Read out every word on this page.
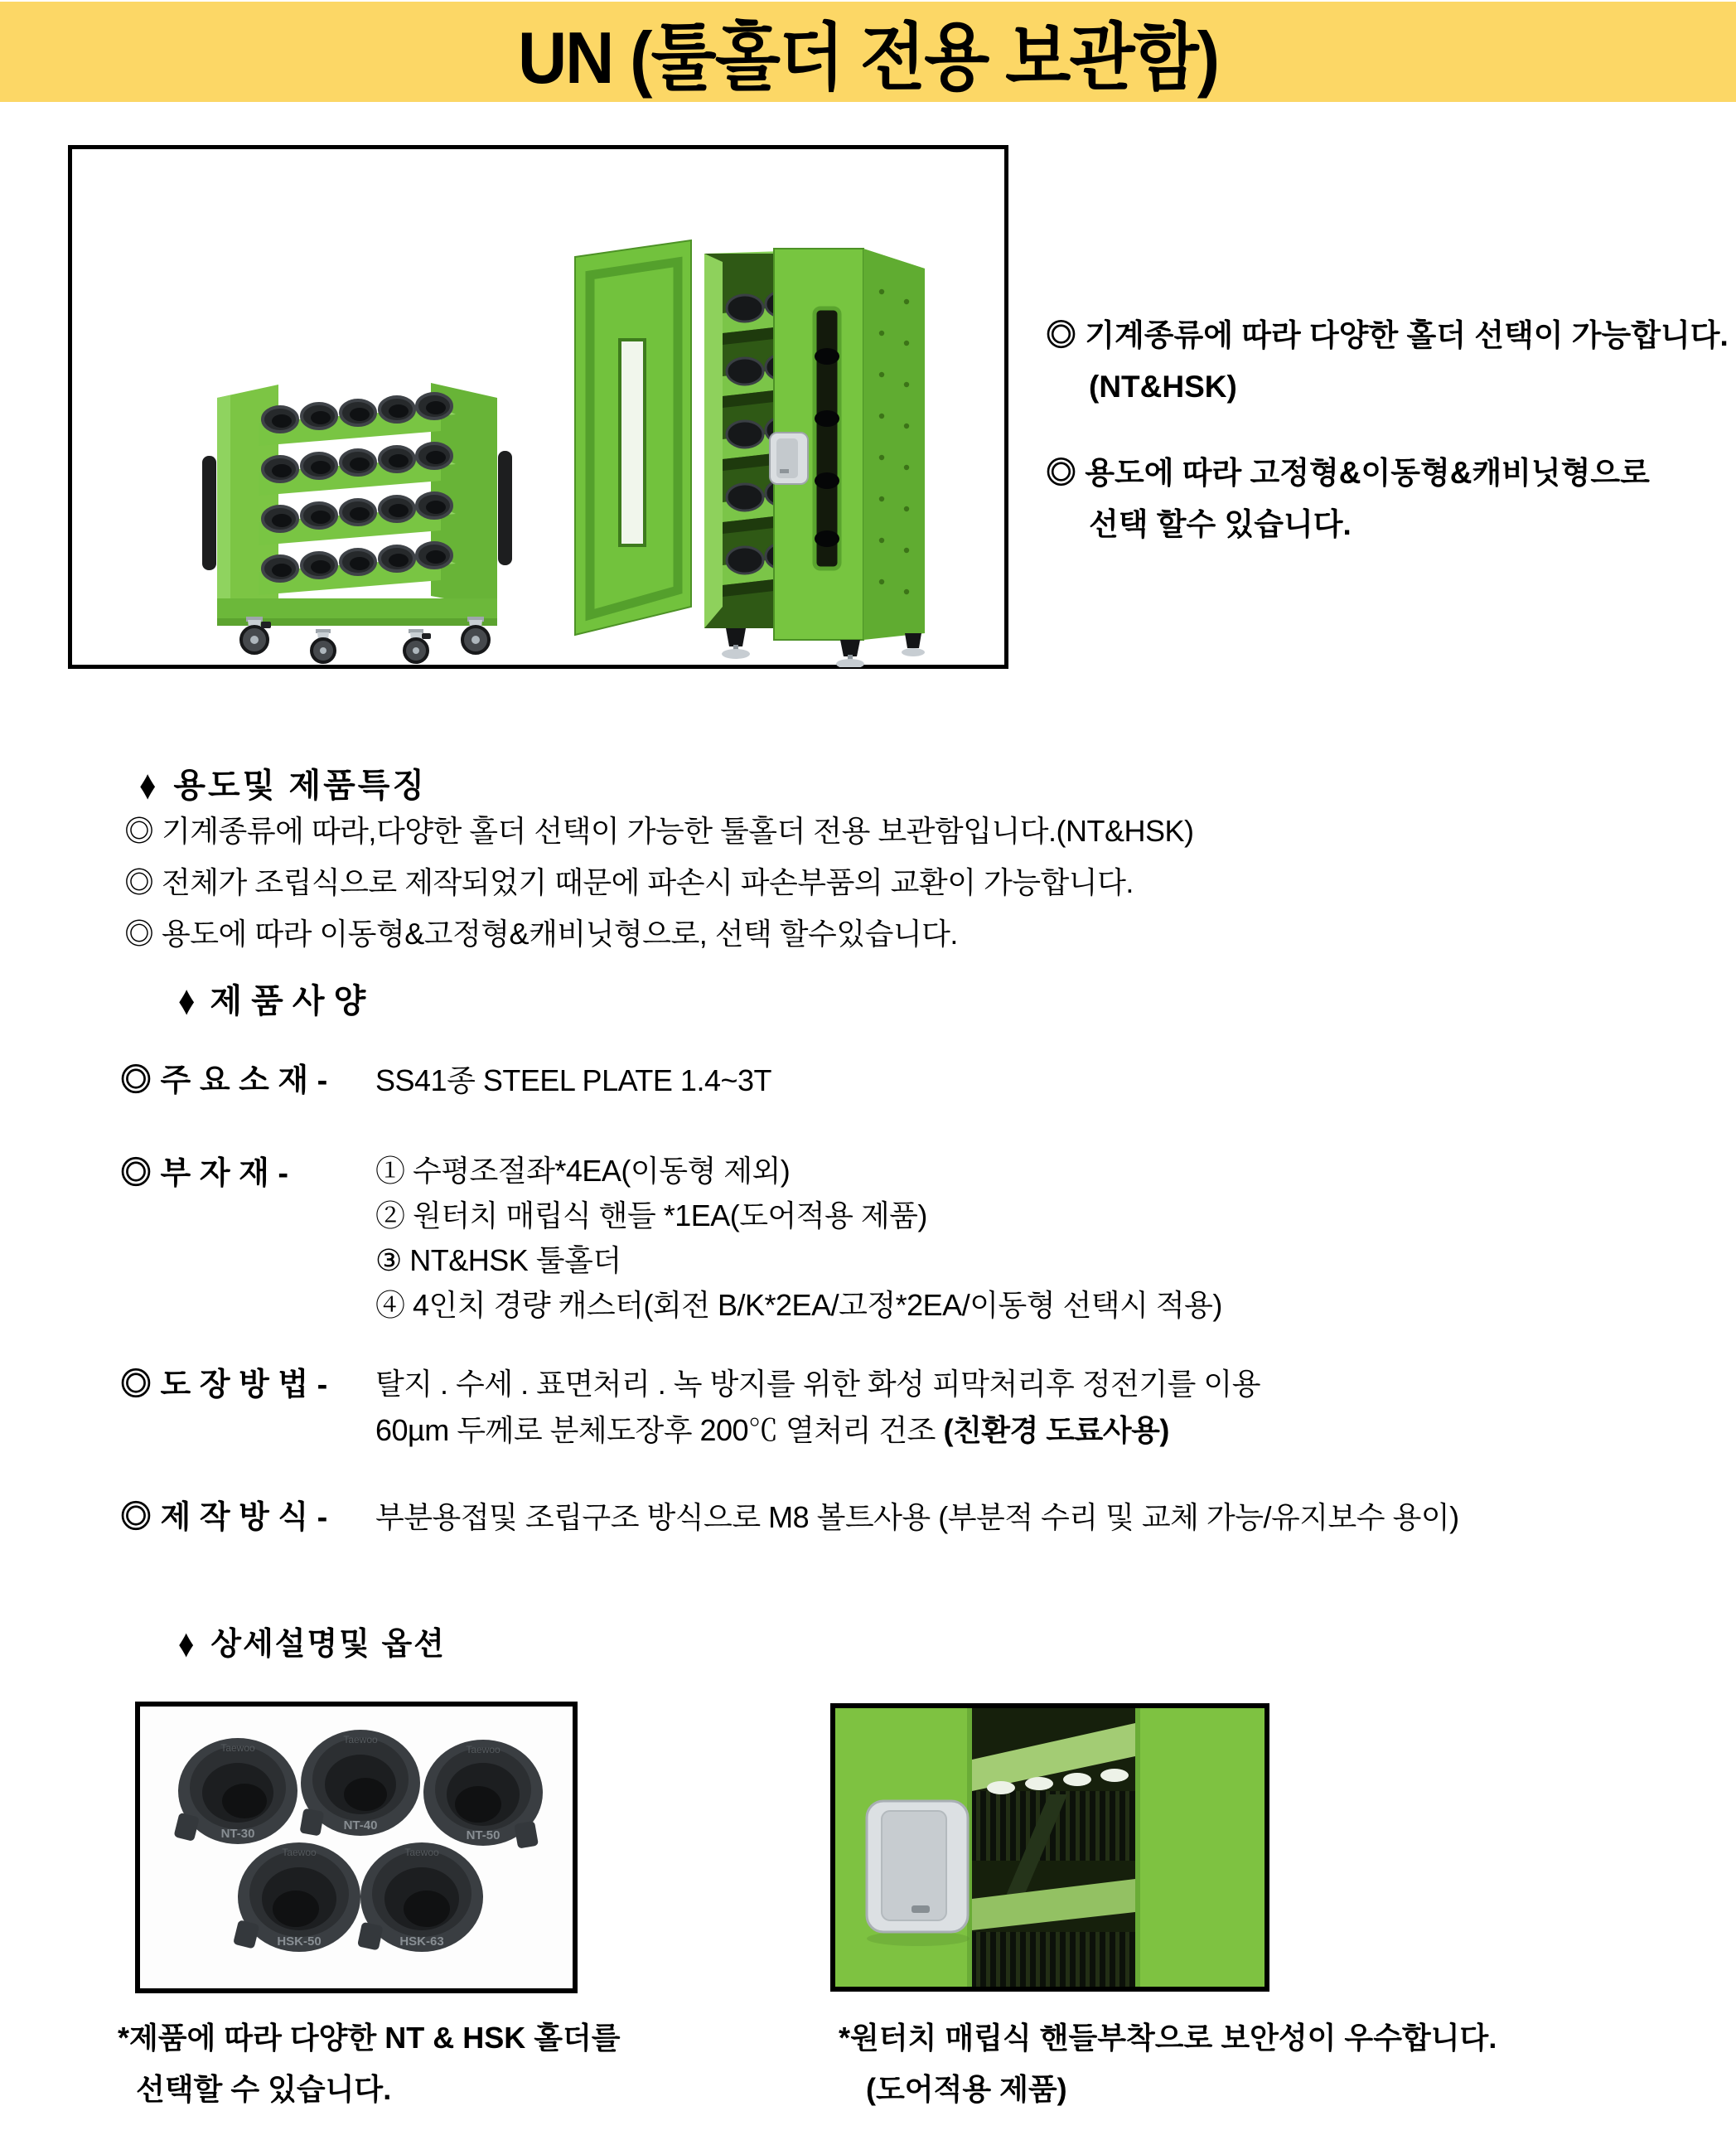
UN (툴홀더 전용 보관함)
◎ 기계종류에 따라 다양한 홀더 선택이 가능합니다.
(NT&HSK)
◎ 용도에 따라 고정형&이동형&캐비닛형으로
선택 할수 있습니다.
♦ 용도및 제품특징
◎ 기계종류에 따라,다양한 홀더 선택이 가능한 툴홀더 전용 보관함입니다.(NT&HSK)
◎ 전체가 조립식으로 제작되었기 때문에 파손시 파손부품의 교환이 가능합니다.
◎ 용도에 따라 이동형&고정형&캐비닛형으로, 선택 할수있습니다.
♦ 제 품 사 양
◎ 주 요 소 재 - SS41종 STEEL PLATE 1.4~3T
◎ 부 자 재 -	① 수평조절좌*4EA(이동형 제외)
② 원터치 매립식 핸들 *1EA(도어적용 제품)
③ NT&HSK 툴홀더
④ 4인치 경량 캐스터(회전 B/K*2EA/고정*2EA/이동형 선택시 적용)
◎ 도 장 방 법 - 탈지 . 수세 . 표면처리 . 녹 방지를 위한 화성 피막처리후 정전기를 이용
60µm 두께로 분체도장후 200℃ 열처리 건조 (친환경 도료사용)
◎ 제 작 방 식 - 부분용접및 조립구조 방식으로 M8 볼트사용 (부분적 수리 및 교체 가능/유지보수 용이)
♦ 상세설명및 옵션
Taewoo
NT-30
Taewoo
NT-40
Taewoo
NT-50
Taewoo
HSK-50
Taewoo
HSK-63
*제품에 따라 다양한 NT & HSK 홀더를
선택할 수 있습니다.
*원터치 매립식 핸들부착으로 보안성이 우수합니다.
(도어적용 제품)
